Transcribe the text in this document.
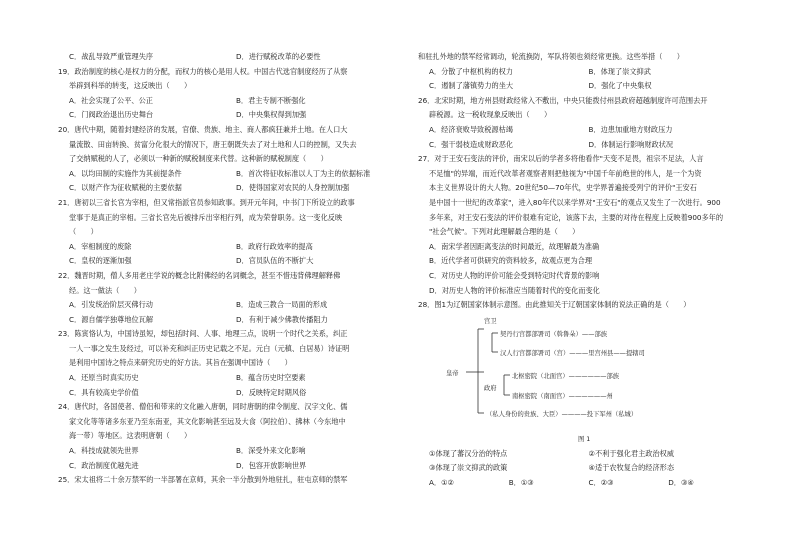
C．战乱导致严重管理失序	D．进行赋税改革的必要性
19．政治制度的核心是权力的分配，而权力的核心是用人权。中国古代选官制度经历了从察
举辟到科举的转变，这反映出（　　）
A．社会实现了公平、公正	B．君主专制不断强化
C．门阀政治退出历史舞台	D．中央集权得到加强
20．唐代中期，随着封建经济的发展，官僚、贵族、地主、商人都疯狂兼并土地。在人口大
量流散、田亩转换、贫富分化很大的情况下，唐王朝既失去了对土地和人口的控制，又失去
了交纳赋税的人了，必须以一种新的赋税制度来代替。这种新的赋税制度（　　）
A．以均田制的实施作为其前提条件	B．首次将征收标准以人丁为主的依据标准
C．以财产作为征收赋税的主要依据	D．使得国家对农民的人身控制加强
21．唐初以三省长官为宰相，但又常指派官员参知政事。到开元年间，中书门下所设立的政事
堂事于是真正的宰相。三省长官先后被排斥出宰相行列，成为荣誉职务。这一变化反映
（　　）
A．宰相制度的废除	B．政府行政效率的提高
C．皇权的逐渐加强	D．官员队伍的不断扩大
22．魏晋时期，僧人多用老庄学说的概念比附佛经的名词概念，甚至不惜违背佛理解释佛
经。这一做法（　　）
A．引发统治阶层灭佛行动	B．造成三教合一局面的形成
C．源自儒学独尊地位瓦解	D．有利于减少佛教传播阻力
23．陈寅恪认为，中国诗虽短，却包括时间、人事、地理三点，说明一个时代之关系，纠正
一人一事之发生及经过，可以补充和纠正历史记载之不足。元白（元稹、白居易）诗证明
是利用中国诗之特点来研究历史的好方法。其旨在强调中国诗（　　）
A．还原当时真实历史	B．蕴含历史时空要素
C．具有较高史学价值	D．反映特定时期风俗
24．唐代时，各国使者、僧侣和带来的文化融入唐朝，同时唐朝的律令制度、汉字文化、儒
家文化等等诸多东亚乃至东南亚，其文化影响甚至远及大食（阿拉伯）、拂林（今东地中
海一带）等地区。这表明唐朝（　　）
A．科技成就领先世界	B．深受外来文化影响
C．政治制度优越先进	D．包容开放影响世界
25．宋太祖将二十余万禁军的一半部署在京师，其余一半分散到外地驻扎，驻屯京师的禁军
和驻扎外地的禁军经常调动，轮流换防，军队将领也须经常更换。这些举措（　　）
A．分散了中枢机构的权力	B．体现了崇文抑武
C．遏制了藩镇势力的坐大	D．强化了中央集权
26．北宋时期，地方州县财政经常入不敷出，中央只能拨付州县政府超越制度许可范围去开
辟税源。这一税收现象反映出（　　）
A．经济衰败导致税源枯竭	B．边患加重地方财政压力
C．强干弱枝造成财政恶化	D．体制运行影响财政状况
27．对于王安石变法的评价，南宋以后的学者多将他看作"天变不足畏，祖宗不足法，人言
不足恤"的异端，而近代改革者观察者则把他视为"中国千年前绝世的伟人，是一个为资
本主义世界设计的大人物。20世纪50—70年代，史学界普遍接受列宁的评价"王安石
是中国十一世纪的改革家"，进入80年代以来学界对"王安石"的观点又发生了一次进行。900
多年来，对王安石变法的评价很难有定论，该落下去，主要的对待在程度上反映着900多年的
"社会气候"。下列对此理解最合理的是（　　）
A．南宋学者因距离变法的时间最近，故理解最为准确
B．近代学者可供研究的资料较多，故观点更为合理
C．对历史人物的评价可能会受到特定时代背景的影响
D．对历史人物的评价标准应当随着时代的变化而变化
28．图1为辽朝国家体制示意图。由此推知关于辽朝国家体制的说法正确的是（　　）
皇帝
宫卫
契丹行宫都部署司（斡鲁朵）——部族
汉人行宫都部署司（宫）———里宫州县——提辖司
政府
北枢密院（北面官）——————部族
南枢密院（南面官）——————州
（私人身份的贵族、大臣）————投下军州（私城）
图 1
①体现了蕃汉分治的特点	②不利于强化君主政治权威
③体现了崇文抑武的政策	④适于农牧复合的经济形态
A．①②	B．①③	C．②③	D．③④
